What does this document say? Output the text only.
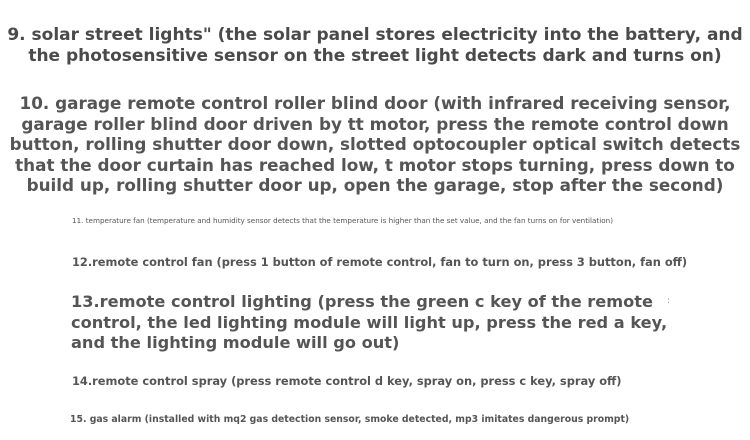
9. solar street lights" (the solar panel stores electricity into the battery, and
the photosensitive sensor on the street light detects dark and turns on)
10. garage remote control roller blind door (with infrared receiving sensor,
garage roller blind door driven by tt motor, press the remote control down
button, rolling shutter door down, slotted optocoupler optical switch detects
that the door curtain has reached low, t motor stops turning, press down to
build up, rolling shutter door up, open the garage, stop after the second)
11. temperature fan (temperature and humidity sensor detects that the temperature is higher than the set value, and the fan turns on for ventilation)
12.remote control fan (press 1 button of remote control, fan to turn on, press 3 button, fan off)
13.remote control lighting (press the green c key of the remote
control, the led lighting module will light up, press the red a key,
and the lighting module will go out)
:
14.remote control spray (press remote control d key, spray on, press c key, spray off)
15. gas alarm (installed with mq2 gas detection sensor, smoke detected, mp3 imitates dangerous prompt)
